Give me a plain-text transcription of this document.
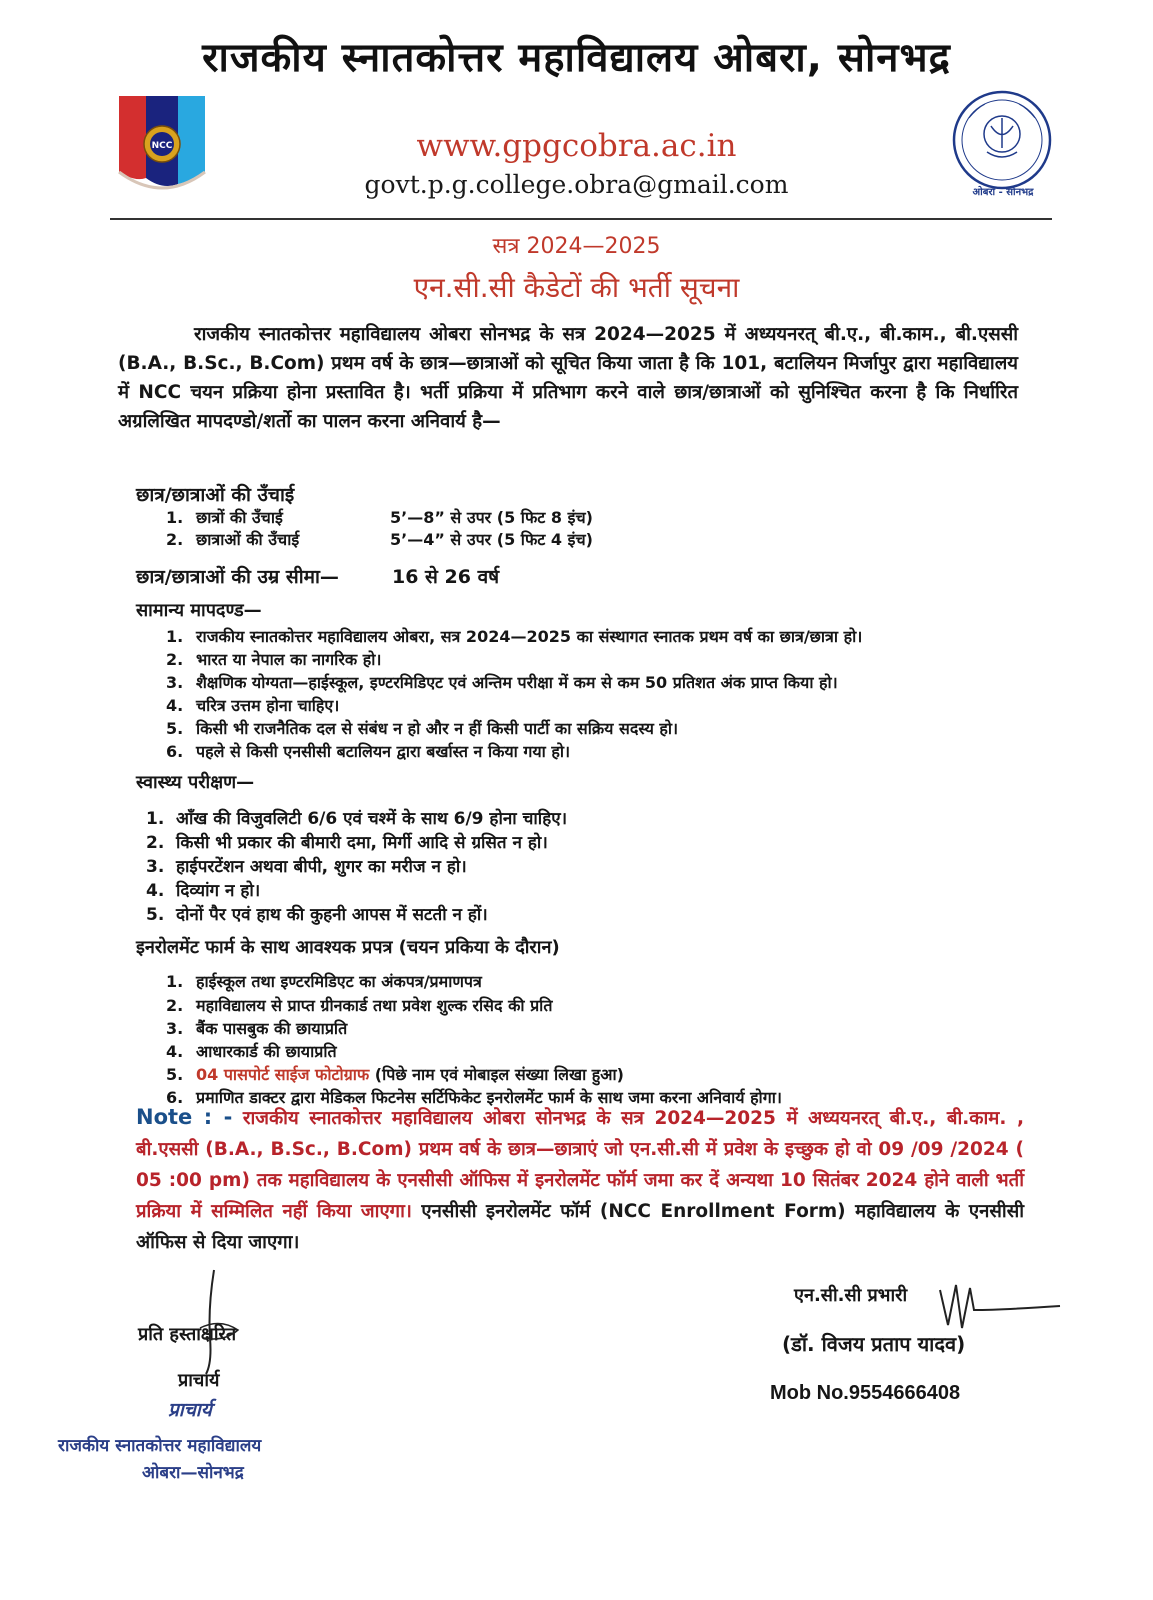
राजकीय स्नातकोत्तर महाविद्यालय ओबरा, सोनभद्र
NCC	www.gpgcobra.ac.in
govt.p.g.college.obra@gmail.com	ओबरा - सोनभद्र
सत्र 2024—2025
एन.सी.सी कैडेटों की भर्ती सूचना
राजकीय स्नातकोत्तर महाविद्यालय ओबरा सोनभद्र के सत्र 2024—2025 में अध्ययनरत् बी.ए., बी.काम., बी.एससी (B.A., B.Sc., B.Com) प्रथम वर्ष के छात्र—छात्राओं को सूचित किया जाता है कि 101, बटालियन मिर्जापुर द्वारा महाविद्यालय में NCC चयन प्रक्रिया होना प्रस्तावित है। भर्ती प्रक्रिया में प्रतिभाग करने वाले छात्र/छात्राओं को सुनिश्चित करना है कि निर्धारित अग्रलिखित मापदण्डो/शर्तो का पालन करना अनिवार्य है—
छात्र/छात्राओं की उँचाई
1. छात्रों की उँचाई	5’—8” से उपर (5 फिट 8 इंच)
2. छात्राओं की उँचाई	5’—4” से उपर (5 फिट 4 इंच)
छात्र/छात्राओं की उम्र सीमा—	16 से 26 वर्ष
सामान्य मापदण्ड—
1. राजकीय स्नातकोत्तर महाविद्यालय ओबरा, सत्र 2024—2025 का संस्थागत स्नातक प्रथम वर्ष का छात्र/छात्रा हो।
2. भारत या नेपाल का नागरिक हो।
3. शैक्षणिक योग्यता—हाईस्कूल, इण्टरमिडिएट एवं अन्तिम परीक्षा में कम से कम 50 प्रतिशत अंक प्राप्त किया हो।
4. चरित्र उत्तम होना चाहिए।
5. किसी भी राजनैतिक दल से संबंध न हो और न हीं किसी पार्टी का सक्रिय सदस्य हो।
6. पहले से किसी एनसीसी बटालियन द्वारा बर्खास्त न किया गया हो।
स्वास्थ्य परीक्षण—
1. आँख की विजुवलिटी 6/6 एवं चश्में के साथ 6/9 होना चाहिए।
2. किसी भी प्रकार की बीमारी दमा, मिर्गी आदि से ग्रसित न हो।
3. हाईपरटेंशन अथवा बीपी, शुगर का मरीज न हो।
4. दिव्यांग न हो।
5. दोनों पैर एवं हाथ की कुहनी आपस में सटती न हों।
इनरोलमेंट फार्म के साथ आवश्यक प्रपत्र (चयन प्रकिया के दौरान)
1. हाईस्कूल तथा इण्टरमिडिएट का अंकपत्र/प्रमाणपत्र
2. महाविद्यालय से प्राप्त ग्रीनकार्ड तथा प्रवेश शुल्क रसिद की प्रति
3. बैंक पासबुक की छायाप्रति
4. आधारकार्ड की छायाप्रति
5. 04 पासपोर्ट साईज फोटोग्राफ (पिछे नाम एवं मोबाइल संख्या लिखा हुआ)
6. प्रमाणित डाक्टर द्वारा मेडिकल फिटनेस सर्टिफिकेट इनरोलमेंट फार्म के साथ जमा करना अनिवार्य होगा।
Note : - राजकीय स्नातकोत्तर महाविद्यालय ओबरा सोनभद्र के सत्र 2024—2025 में अध्ययनरत् बी.ए., बी.काम. , बी.एससी (B.A., B.Sc., B.Com) प्रथम वर्ष के छात्र—छात्राएं जो एन.सी.सी में प्रवेश के इच्छुक हो वो 09 /09 /2024 ( 05 :00 pm) तक महाविद्यालय के एनसीसी ऑफिस में इनरोलमेंट फॉर्म जमा कर दें अन्यथा 10 सितंबर 2024 होने वाली भर्ती प्रक्रिया में सम्मिलित नहीं किया जाएगा। एनसीसी इनरोलमेंट फॉर्म (NCC Enrollment Form) महाविद्यालय के एनसीसी ऑफिस से दिया जाएगा।
एन.सी.सी प्रभारी
(डॉ. विजय प्रताप यादव)
Mob No.9554666408
प्रति हस्ताक्षरित
प्राचार्य
प्राचार्य
राजकीय स्नातकोत्तर महाविद्यालय
ओबरा—सोनभद्र
